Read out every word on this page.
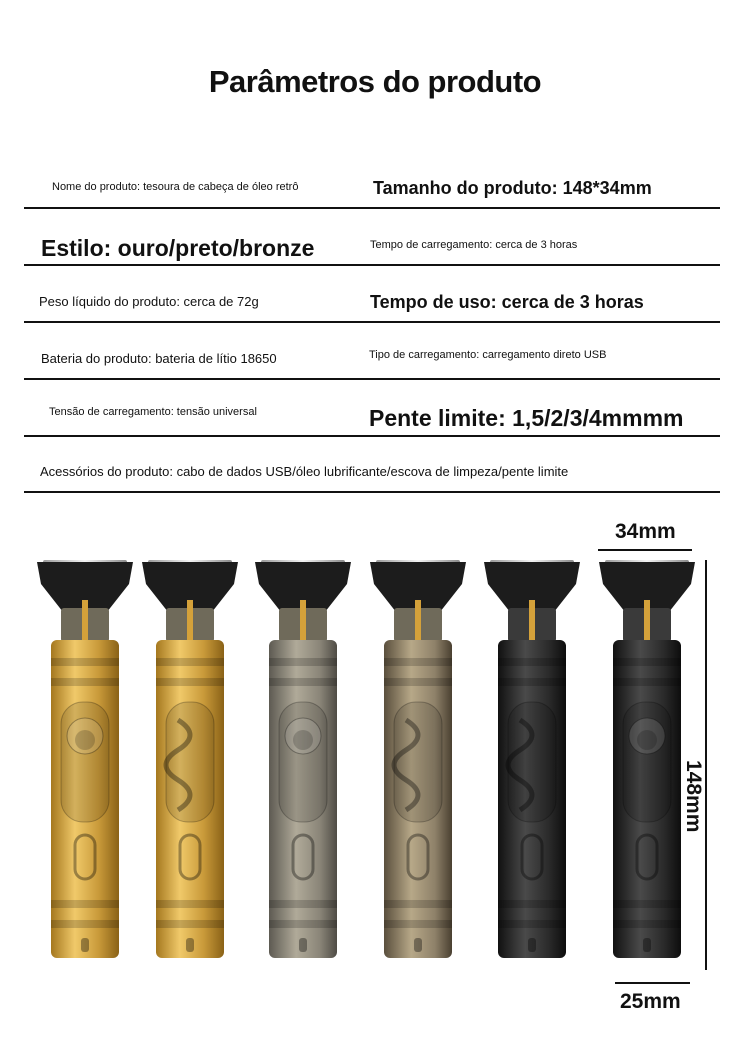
Parâmetros do produto
Nome do produto: tesoura de cabeça de óleo retrô	Tamanho do produto: 148*34mm
Estilo: ouro/preto/bronze	Tempo de carregamento: cerca de 3 horas
Peso líquido do produto: cerca de 72g	Tempo de uso: cerca de 3 horas
Bateria do produto: bateria de lítio 18650	Tipo de carregamento: carregamento direto USB
Tensão de carregamento: tensão universal	Pente limite: 1,5/2/3/4mmmm
Acessórios do produto: cabo de dados USB/óleo lubrificante/escova de limpeza/pente limite
34mm
148mm
25mm
